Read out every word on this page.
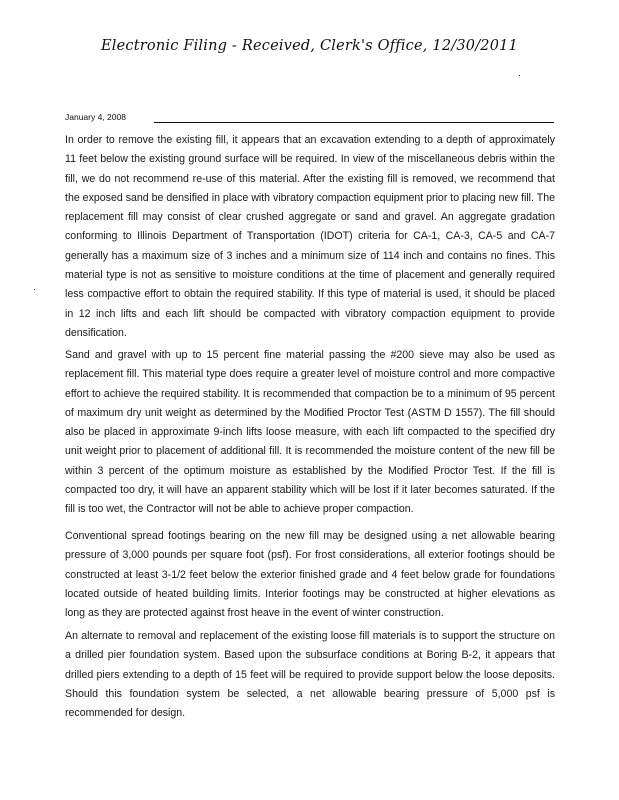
Electronic Filing - Received, Clerk's Office, 12/30/2011
January 4, 2008

In order to remove the existing fill, it appears that an excavation extending to a depth of approximately 11 feet below the existing ground surface will be required. In view of the miscellaneous debris within the fill, we do not recommend re-use of this material. After the existing fill is removed, we recommend that the exposed sand be densified in place with vibratory compaction equipment prior to placing new fill. The replacement fill may consist of clear crushed aggregate or sand and gravel. An aggregate gradation conforming to Illinois Department of Transportation (IDOT) criteria for CA-1, CA-3, CA-5 and CA-7 generally has a maximum size of 3 inches and a minimum size of 114 inch and contains no fines. This material type is not as sensitive to moisture conditions at the time of placement and generally required less compactive effort to obtain the required stability. If this type of material is used, it should be placed in 12 inch lifts and each lift should be compacted with vibratory compaction equipment to provide densification.

Sand and gravel with up to 15 percent fine material passing the #200 sieve may also be used as replacement fill. This material type does require a greater level of moisture control and more compactive effort to achieve the required stability. It is recommended that compaction be to a minimum of 95 percent of maximum dry unit weight as determined by the Modified Proctor Test (ASTM D 1557). The fill should also be placed in approximate 9-inch lifts loose measure, with each lift compacted to the specified dry unit weight prior to placement of additional fill. It is recommended the moisture content of the new fill be within 3 percent of the optimum moisture as established by the Modified Proctor Test. If the fill is compacted too dry, it will have an apparent stability which will be lost if it later becomes saturated. If the fill is too wet, the Contractor will not be able to achieve proper compaction.

Conventional spread footings bearing on the new fill may be designed using a net allowable bearing pressure of 3,000 pounds per square foot (psf). For frost considerations, all exterior footings should be constructed at least 3-1/2 feet below the exterior finished grade and 4 feet below grade for foundations located outside of heated building limits. Interior footings may be constructed at higher elevations as long as they are protected against frost heave in the event of winter construction.

An alternate to removal and replacement of the existing loose fill materials is to support the structure on a drilled pier foundation system. Based upon the subsurface conditions at Boring B-2, it appears that drilled piers extending to a depth of 15 feet will be required to provide support below the loose deposits. Should this foundation system be selected, a net allowable bearing pressure of 5,000 psf is recommended for design.
